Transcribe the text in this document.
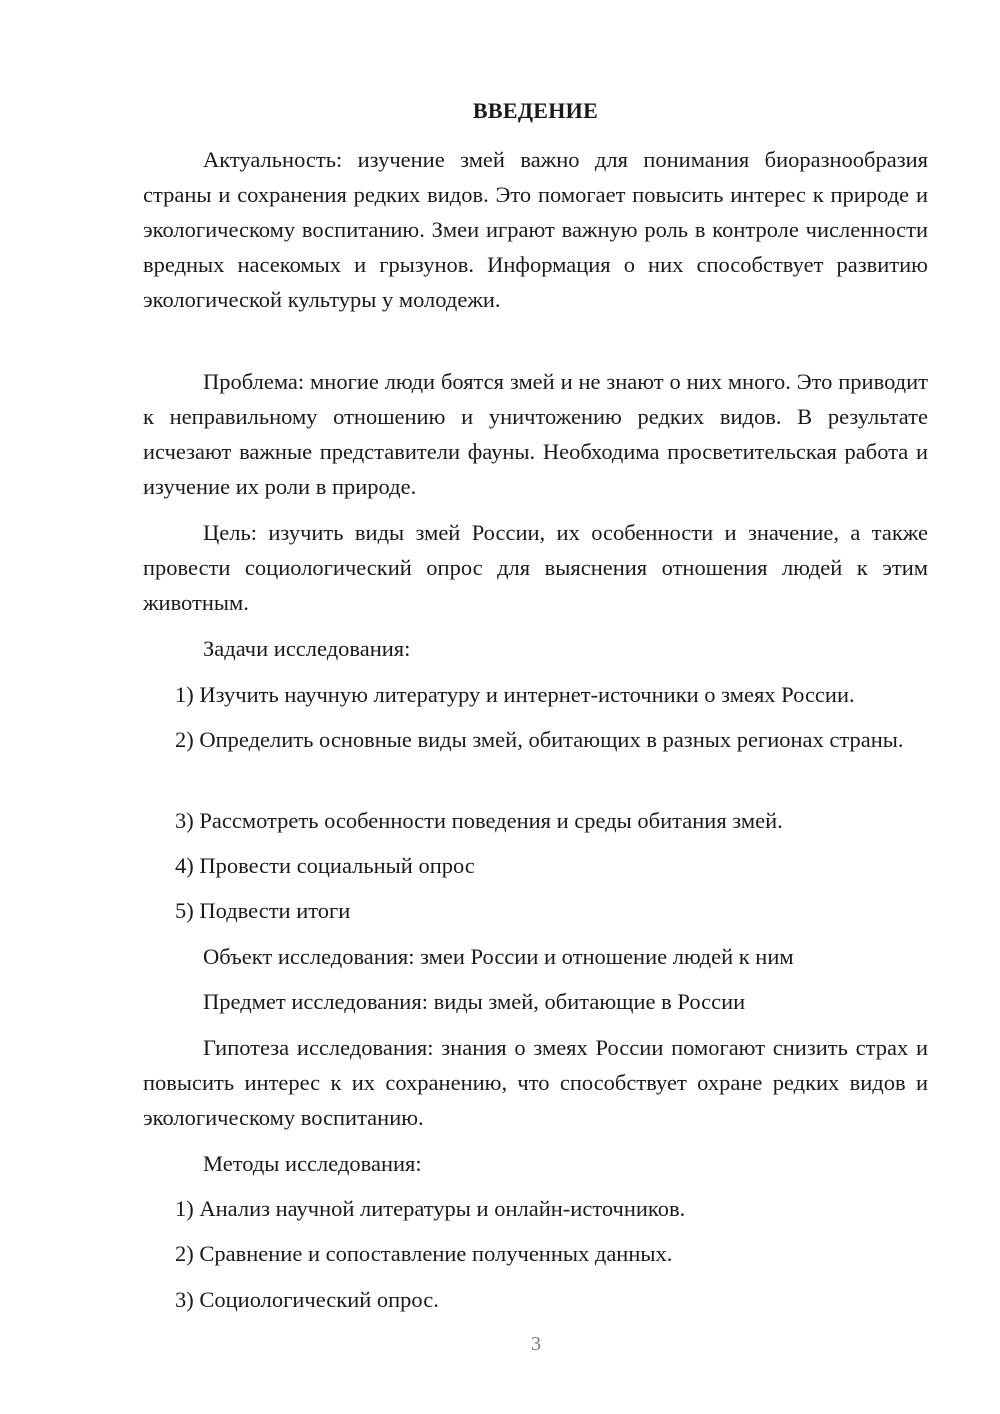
ВВЕДЕНИЕ

Актуальность: изучение змей важно для понимания биоразнообразия страны и сохранения редких видов. Это помогает повысить интерес к природе и экологическому воспитанию. Змеи играют важную роль в контроле численности вредных насекомых и грызунов. Информация о них способствует развитию экологической культуры у молодежи.

Проблема: многие люди боятся змей и не знают о них много. Это приводит к неправильному отношению и уничтожению редких видов. В результате исчезают важные представители фауны. Необходима просветительская работа и изучение их роли в природе.

Цель: изучить виды змей России, их особенности и значение, а также провести социологический опрос для выяснения отношения людей к этим животным.

Задачи исследования:

1) Изучить научную литературу и интернет-источники о змеях России.

2) Определить основные виды змей, обитающих в разных регионах страны.

3) Рассмотреть особенности поведения и среды обитания змей.

4) Провести социальный опрос

5) Подвести итоги

Объект исследования: змеи России и отношение людей к ним

Предмет исследования: виды змей, обитающие в России

Гипотеза исследования: знания о змеях России помогают снизить страх и повысить интерес к их сохранению, что способствует охране редких видов и экологическому воспитанию.

Методы исследования:

1) Анализ научной литературы и онлайн-источников.

2) Сравнение и сопоставление полученных данных.

3) Социологический опрос.

3
